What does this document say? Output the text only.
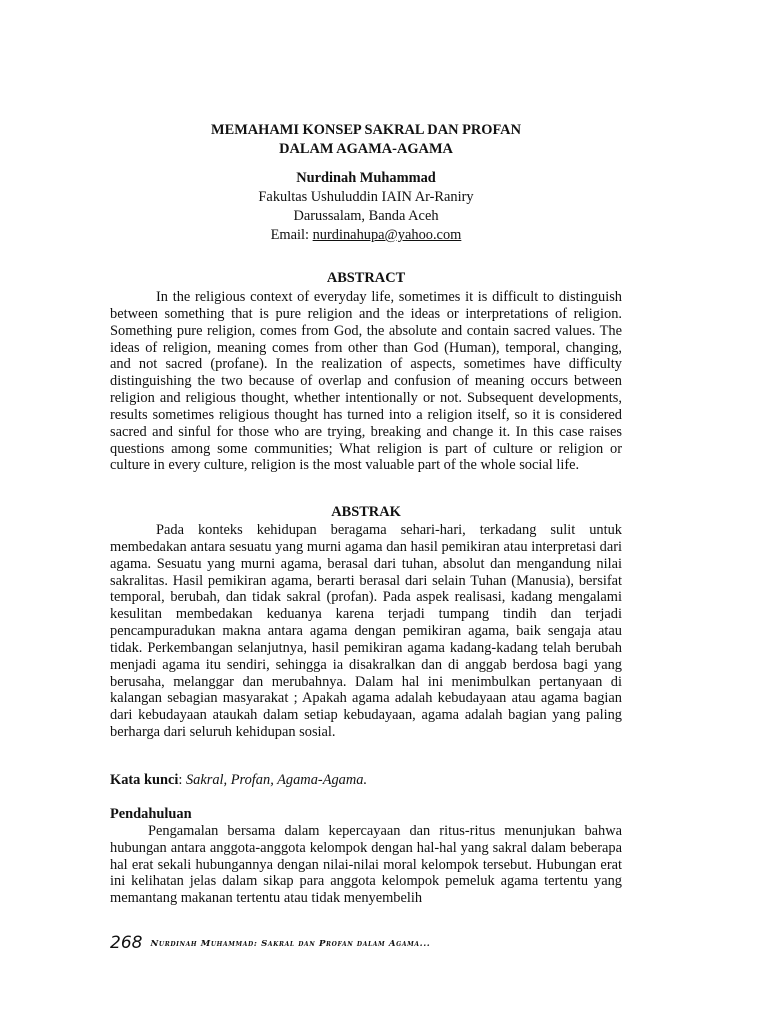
MEMAHAMI KONSEP SAKRAL DAN PROFAN
DALAM AGAMA-AGAMA
Nurdinah Muhammad
Fakultas Ushuluddin IAIN Ar-Raniry
Darussalam, Banda Aceh
Email: nurdinahupa@yahoo.com
ABSTRACT

In the religious context of everyday life, sometimes it is difficult to distinguish between something that is pure religion and the ideas or interpretations of religion. Something pure religion, comes from God, the absolute and contain sacred values. The ideas of religion, meaning comes from other than God (Human), temporal, changing, and not sacred (profane). In the realization of aspects, sometimes have difficulty distinguishing the two because of overlap and confusion of meaning occurs between religion and religious thought, whether intentionally or not. Subsequent developments, results sometimes religious thought has turned into a religion itself, so it is considered sacred and sinful for those who are trying, breaking and change it. In this case raises questions among some communities; What religion is part of culture or religion or culture in every culture, religion is the most valuable part of the whole social life.

ABSTRAK

Pada konteks kehidupan beragama sehari-hari, terkadang sulit untuk membedakan antara sesuatu yang murni agama dan hasil pemikiran atau interpretasi dari agama. Sesuatu yang murni agama, berasal dari tuhan, absolut dan mengandung nilai sakralitas. Hasil pemikiran agama, berarti berasal dari selain Tuhan (Manusia), bersifat temporal, berubah, dan tidak sakral (profan). Pada aspek realisasi, kadang mengalami kesulitan membedakan keduanya karena terjadi tumpang tindih dan terjadi pencampuradukan makna antara agama dengan pemikiran agama, baik sengaja atau tidak. Perkembangan selanjutnya, hasil pemikiran agama kadang-kadang telah berubah menjadi agama itu sendiri, sehingga ia disakralkan dan di anggab berdosa bagi yang berusaha, melanggar dan merubahnya. Dalam hal ini menimbulkan pertanyaan di kalangan sebagian masyarakat ; Apakah agama adalah kebudayaan atau agama bagian dari kebudayaan ataukah dalam setiap kebudayaan, agama adalah bagian yang paling berharga dari seluruh kehidupan sosial.

Kata kunci: Sakral, Profan, Agama-Agama.
Pendahuluan

Pengamalan bersama dalam kepercayaan dan ritus-ritus menunjukan bahwa hubungan antara anggota-anggota kelompok dengan hal-hal yang sakral dalam beberapa hal erat sekali hubungannya dengan nilai-nilai moral kelompok tersebut. Hubungan erat ini kelihatan jelas dalam sikap para anggota kelompok pemeluk agama tertentu yang memantang makanan tertentu atau tidak menyembelih

268 Nurdinah Muhammad: Sakral dan Profan dalam Agama...
